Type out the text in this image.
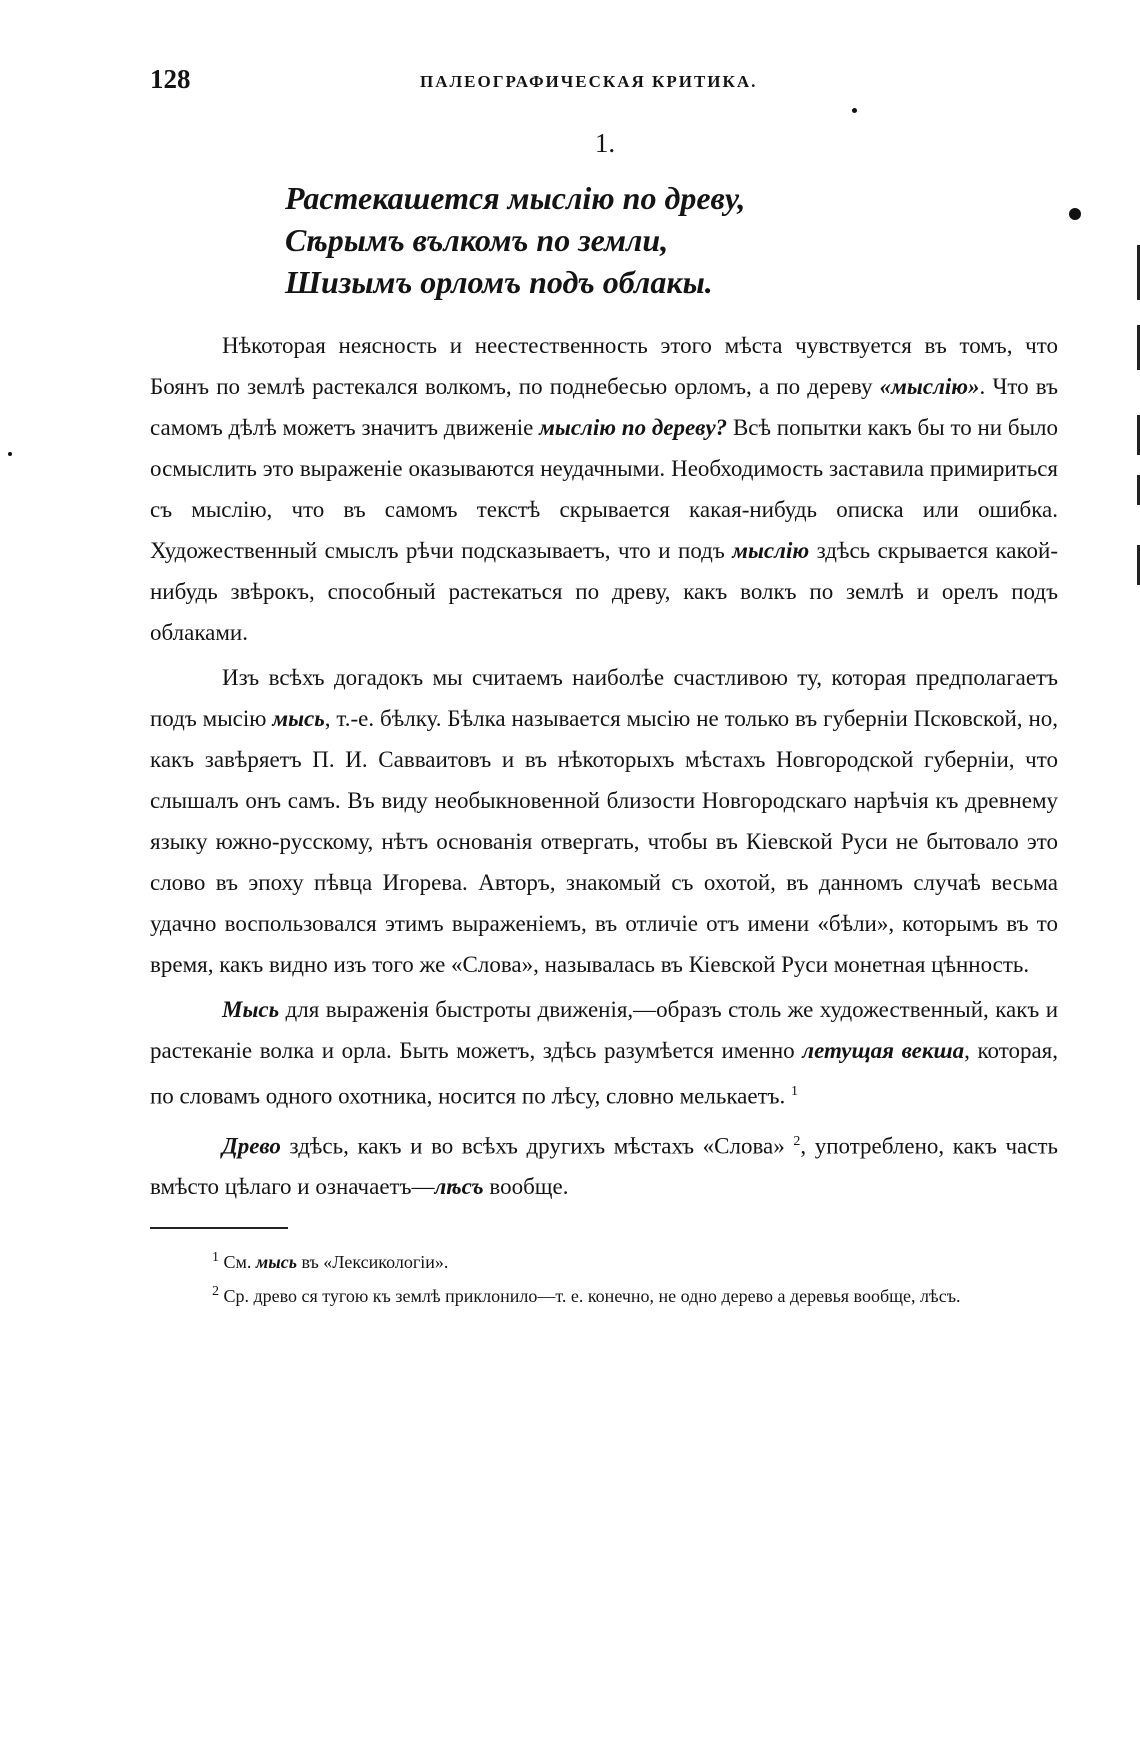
128	ПАЛЕОГРАФИЧЕСКАЯ КРИТИКА.
1.
Растекашется мыслію по древу,
Сѣрымъ вълкомъ по земли,
Шизымъ орломъ подъ облакы.

Нѣкоторая неясность и неестественность этого мѣста чувствуется въ томъ, что Боянъ по землѣ растекался волкомъ, по поднебесью орломъ, а по дереву «мыслію». Что въ самомъ дѣлѣ можетъ значитъ движеніе мыслію по дереву? Всѣ попытки какъ бы то ни было осмыслить это выраженіе оказываются неудачными. Необходимость заставила примириться съ мыслію, что въ самомъ текстѣ скрывается какая-нибудь описка или ошибка. Художественный смыслъ рѣчи подсказываетъ, что и подъ мыслію здѣсь скрывается какой-нибудь звѣрокъ, способный растекаться по древу, какъ волкъ по землѣ и орелъ подъ облаками.

Изъ всѣхъ догадокъ мы считаемъ наиболѣе счастливою ту, которая предполагаетъ подъ мысію мысь, т.-е. бѣлку. Бѣлка называется мысію не только въ губерніи Псковской, но, какъ завѣряетъ П. И. Савваитовъ и въ нѣкоторыхъ мѣстахъ Новгородской губерніи, что слышалъ онъ самъ. Въ виду необыкновенной близости Новгородскаго нарѣчія къ древнему языку южно-русскому, нѣтъ основанія отвергать, чтобы въ Кіевской Руси не бытовало это слово въ эпоху пѣвца Игорева. Авторъ, знакомый съ охотой, въ данномъ случаѣ весьма удачно воспользовался этимъ выраженіемъ, въ отличіе отъ имени «бѣли», которымъ въ то время, какъ видно изъ того же «Слова», называлась въ Кіевской Руси монетная цѣнность.

Мысь для выраженія быстроты движенія,—образъ столь же художественный, какъ и растеканіе волка и орла. Быть можетъ, здѣсь разумѣется именно летущая векша, которая, по словамъ одного охотника, носится по лѣсу, словно мелькаетъ. $^1$

Древо здѣсь, какъ и во всѣхъ другихъ мѣстахъ «Слова» $^2$, употреблено, какъ часть вмѣсто цѣлаго и означаетъ—лѣсъ вообще.

$^1$ См. мысь въ «Лексикологіи».

$^2$ Ср. древо ся тугою къ землѣ приклонило—т. е. конечно, не одно дерево а деревья вообще, лѣсъ.
